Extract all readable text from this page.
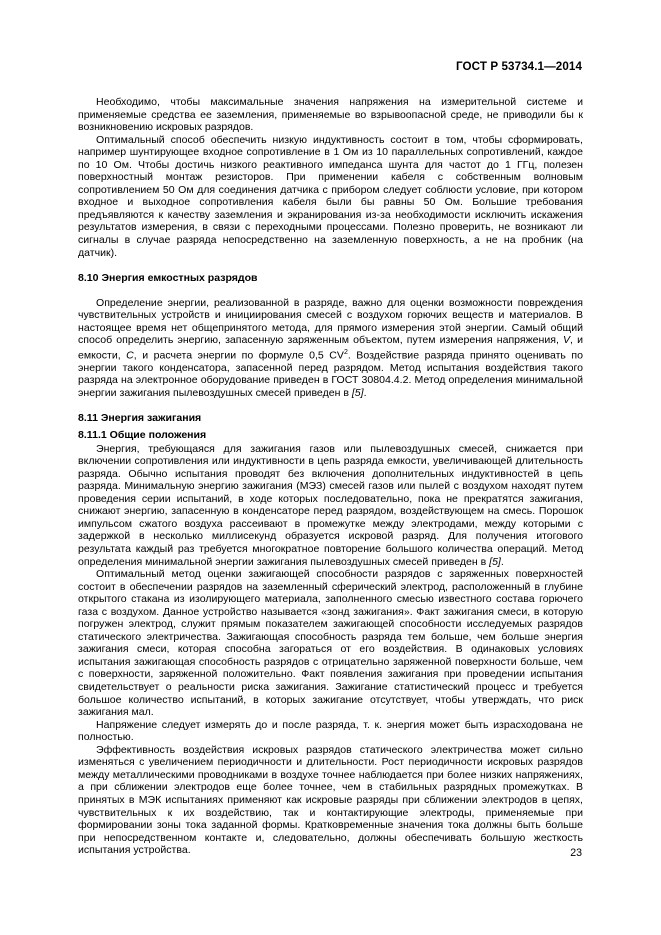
ГОСТ Р 53734.1—2014

Необходимо, чтобы максимальные значения напряжения на измерительной системе и применяемые средства ее заземления, применяемые во взрывоопасной среде, не приводили бы к возникновению искровых разрядов.

Оптимальный способ обеспечить низкую индуктивность состоит в том, чтобы сформировать, например шунтирующее входное сопротивление в 1 Ом из 10 параллельных сопротивлений, каждое по 10 Ом. Чтобы достичь низкого реактивного импеданса шунта для частот до 1 ГГц, полезен поверхностный монтаж резисторов. При применении кабеля с собственным волновым сопротивлением 50 Ом для соединения датчика с прибором следует соблюсти условие, при котором входное и выходное сопротивления кабеля были бы равны 50 Ом. Большие требования предъявляются к качеству заземления и экранирования из-за необходимости исключить искажения результатов измерения, в связи с переходными процессами. Полезно проверить, не возникают ли сигналы в случае разряда непосредственно на заземленную поверхность, а не на пробник (на датчик).

8.10 Энергия емкостных разрядов

Определение энергии, реализованной в разряде, важно для оценки возможности повреждения чувствительных устройств и инициирования смесей с воздухом горючих веществ и материалов. В настоящее время нет общепринятого метода, для прямого измерения этой энергии. Самый общий способ определить энергию, запасенную заряженным объектом, путем измерения напряжения, V, и емкости, C, и расчета энергии по формуле 0,5 $CV^2$. Воздействие разряда принято оценивать по энергии такого конденсатора, запасенной перед разрядом. Метод испытания воздействия такого разряда на электронное оборудование приведен в ГОСТ 30804.4.2. Метод определения минимальной энергии зажигания пылевоздушных смесей приведен в [5].

8.11 Энергия зажигания
8.11.1 Общие положения

Энергия, требующаяся для зажигания газов или пылевоздушных смесей, снижается при включении сопротивления или индуктивности в цепь разряда емкости, увеличивающей длительность разряда. Обычно испытания проводят без включения дополнительных индуктивностей в цепь разряда. Минимальную энергию зажигания (МЭЗ) смесей газов или пылей с воздухом находят путем проведения серии испытаний, в ходе которых последовательно, пока не прекратятся зажигания, снижают энергию, запасенную в конденсаторе перед разрядом, воздействующем на смесь. Порошок импульсом сжатого воздуха рассеивают в промежутке между электродами, между которыми с задержкой в несколько миллисекунд образуется искровой разряд. Для получения итогового результата каждый раз требуется многократное повторение большого количества операций. Метод определения минимальной энергии зажигания пылевоздушных смесей приведен в [5].

Оптимальный метод оценки зажигающей способности разрядов с заряженных поверхностей состоит в обеспечении разрядов на заземленный сферический электрод, расположенный в глубине открытого стакана из изолирующего материала, заполненного смесью известного состава горючего газа с воздухом. Данное устройство называется «зонд зажигания». Факт зажигания смеси, в которую погружен электрод, служит прямым показателем зажигающей способности исследуемых разрядов статического электричества. Зажигающая способность разряда тем больше, чем больше энергия зажигания смеси, которая способна загораться от его воздействия. В одинаковых условиях испытания зажигающая способность разрядов с отрицательно заряженной поверхности больше, чем с поверхности, заряженной положительно. Факт появления зажигания при проведении испытания свидетельствует о реальности риска зажигания. Зажигание статистический процесс и требуется большое количество испытаний, в которых зажигание отсутствует, чтобы утверждать, что риск зажигания мал.

Напряжение следует измерять до и после разряда, т. к. энергия может быть израсходована не полностью.

Эффективность воздействия искровых разрядов статического электричества может сильно изменяться с увеличением периодичности и длительности. Рост периодичности искровых разрядов между металлическими проводниками в воздухе точнее наблюдается при более низких напряжениях, а при сближении электродов еще более точнее, чем в стабильных разрядных промежутках. В принятых в МЭК испытаниях применяют как искровые разряды при сближении электродов в цепях, чувствительных к их воздействию, так и контактирующие электроды, применяемые при формировании зоны тока заданной формы. Кратковременные значения тока должны быть больше при непосредственном контакте и, следовательно, должны обеспечивать большую жесткость испытания устройства.	23
